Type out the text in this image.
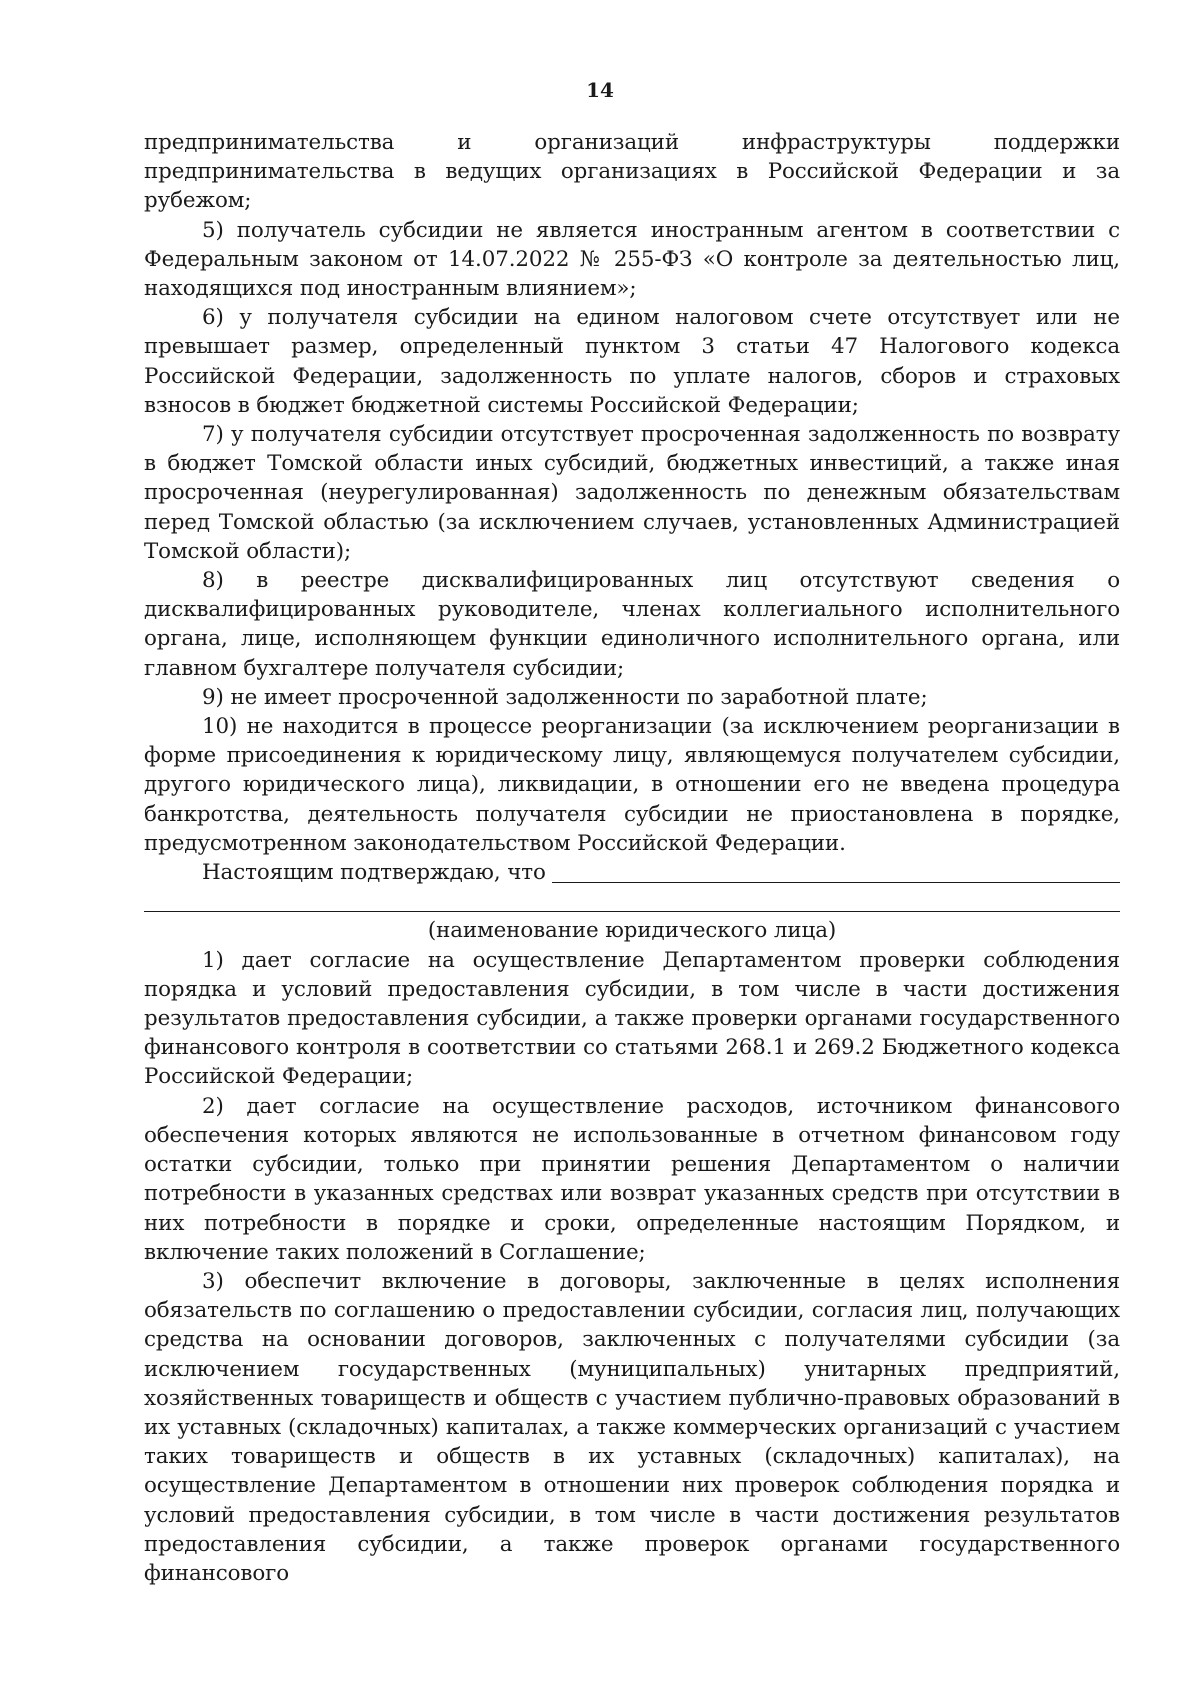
14

предпринимательства и организаций инфраструктуры поддержки

предпринимательства в ведущих организациях в Российской Федерации и за рубежом;

5) получатель субсидии не является иностранным агентом в соответствии с Федеральным законом от 14.07.2022 № 255-ФЗ «О контроле за деятельностью лиц, находящихся под иностранным влиянием»;

6) у получателя субсидии на едином налоговом счете отсутствует или не превышает размер, определенный пунктом 3 статьи 47 Налогового кодекса Российской Федерации, задолженность по уплате налогов, сборов и страховых взносов в бюджет бюджетной системы Российской Федерации;

7) у получателя субсидии отсутствует просроченная задолженность по возврату в бюджет Томской области иных субсидий, бюджетных инвестиций, а также иная просроченная (неурегулированная) задолженность по денежным обязательствам перед Томской областью (за исключением случаев, установленных Администрацией Томской области);

8) в реестре дисквалифицированных лиц отсутствуют сведения о дисквалифицированных руководителе, членах коллегиального исполнительного органа, лице, исполняющем функции единоличного исполнительного органа, или главном бухгалтере получателя субсидии;

9) не имеет просроченной задолженности по заработной плате;

10) не находится в процессе реорганизации (за исключением реорганизации в форме присоединения к юридическому лицу, являющемуся получателем субсидии, другого юридического лица), ликвидации, в отношении его не введена процедура банкротства, деятельность получателя субсидии не приостановлена в порядке, предусмотренном законодательством Российской Федерации.

Настоящим подтверждаю, что

(наименование юридического лица)

1) дает согласие на осуществление Департаментом проверки соблюдения порядка и условий предоставления субсидии, в том числе в части достижения результатов предоставления субсидии, а также проверки органами государственного финансового контроля в соответствии со статьями 268.1 и 269.2 Бюджетного кодекса Российской Федерации;

2) дает согласие на осуществление расходов, источником финансового обеспечения которых являются не использованные в отчетном финансовом году остатки субсидии, только при принятии решения Департаментом о наличии потребности в указанных средствах или возврат указанных средств при отсутствии в них потребности в порядке и сроки, определенные настоящим Порядком, и включение таких положений в Соглашение;

3) обеспечит включение в договоры, заключенные в целях исполнения обязательств по соглашению о предоставлении субсидии, согласия лиц, получающих средства на основании договоров, заключенных с получателями субсидии (за исключением государственных (муниципальных) унитарных предприятий, хозяйственных товариществ и обществ с участием публично-правовых образований в их уставных (складочных) капиталах, а также коммерческих организаций с участием таких товариществ и обществ в их уставных (складочных) капиталах), на осуществление Департаментом в отношении них проверок соблюдения порядка и условий предоставления субсидии, в том числе в части достижения результатов предоставления субсидии, а также проверок органами государственного финансового
